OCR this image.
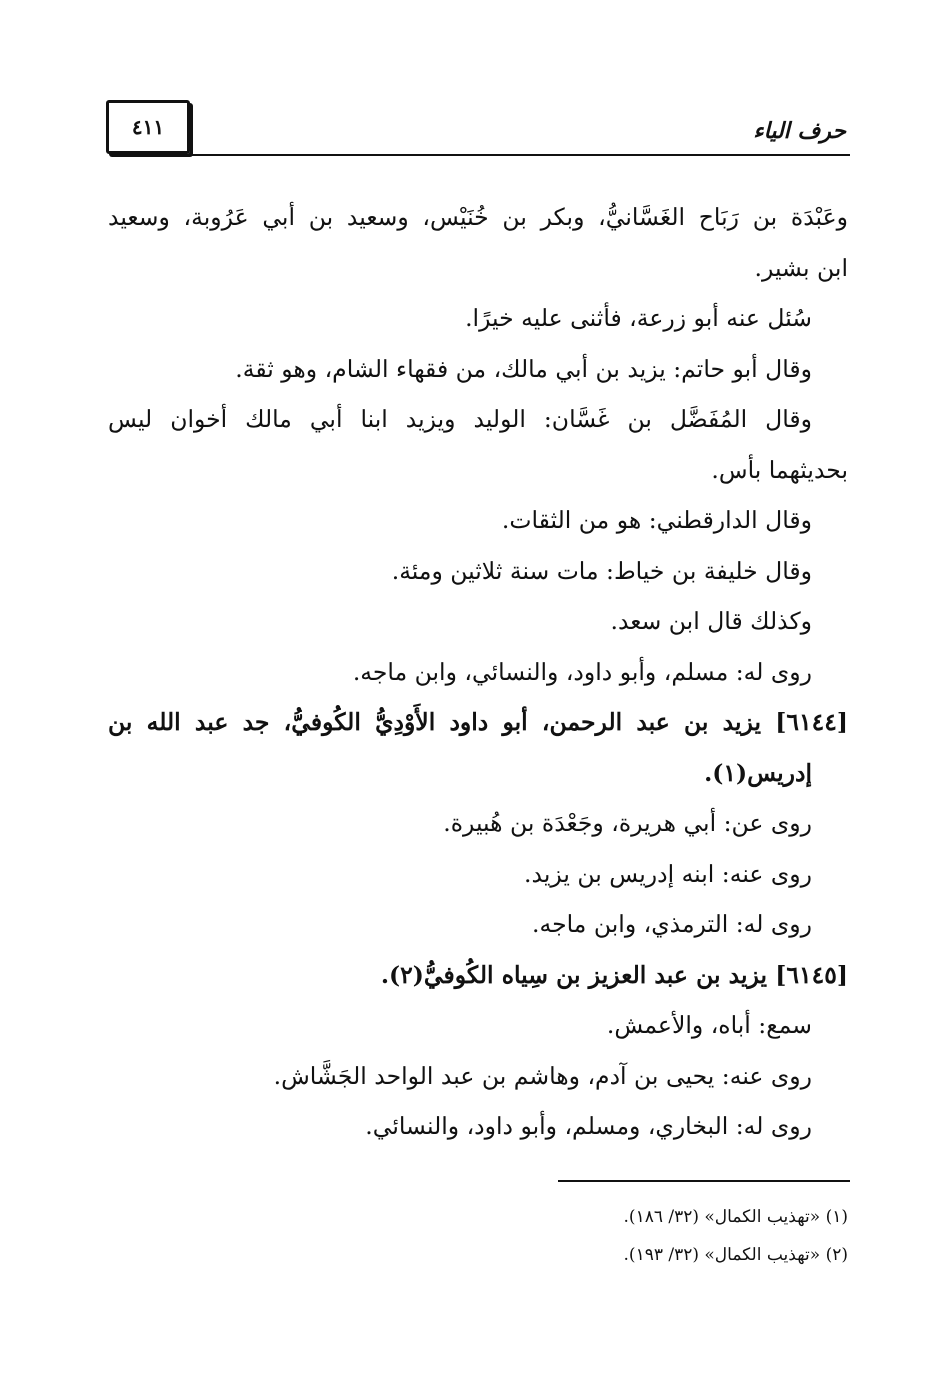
٤١١	حرف الياء
وعَبْدَة بن رَبَاح الغَسَّانيُّ، وبكر بن خُنَيْس، وسعيد بن أبي عَرُوبة، وسعيد
ابن بشير.
سُئل عنه أبو زرعة، فأثنى عليه خيرًا.
وقال أبو حاتم: يزيد بن أبي مالك، من فقهاء الشام، وهو ثقة.
وقال المُفَضَّل بن غَسَّان: الوليد ويزيد ابنا أبي مالك أخوان ليس
بحديثهما بأس.
وقال الدارقطني: هو من الثقات.
وقال خليفة بن خياط: مات سنة ثلاثين ومئة.
وكذلك قال ابن سعد.
روى له: مسلم، وأبو داود، والنسائي، وابن ماجه.
[٦١٤٤] يزيد بن عبد الرحمن، أبو داود الأَوْدِيُّ الكُوفيُّ، جد عبد الله بن
إدريس(١).
روى عن: أبي هريرة، وجَعْدَة بن هُبيرة.
روى عنه: ابنه إدريس بن يزيد.
روى له: الترمذي، وابن ماجه.
[٦١٤٥] يزيد بن عبد العزيز بن سِياه الكُوفيُّ(٢).
سمع: أباه، والأعمش.
روى عنه: يحيى بن آدم، وهاشم بن عبد الواحد الجَشَّاش.
روى له: البخاري، ومسلم، وأبو داود، والنسائي.
(١) «تهذيب الكمال» (٣٢/ ١٨٦).
(٢) «تهذيب الكمال» (٣٢/ ١٩٣).
